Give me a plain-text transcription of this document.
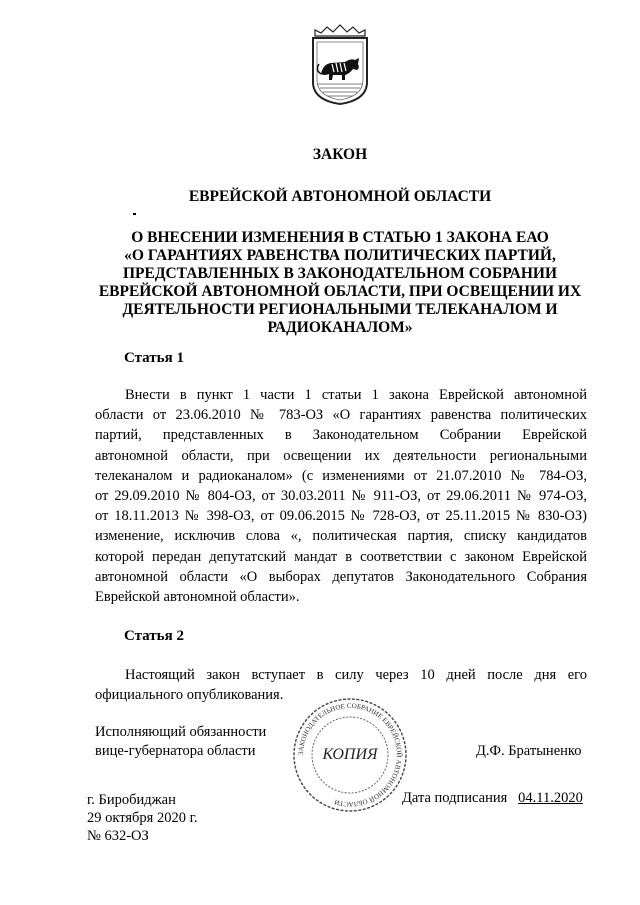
ЗАКОН
ЕВРЕЙСКОЙ АВТОНОМНОЙ ОБЛАСТИ
О ВНЕСЕНИИ ИЗМЕНЕНИЯ В СТАТЬЮ 1 ЗАКОНА ЕАО
«О ГАРАНТИЯХ РАВЕНСТВА ПОЛИТИЧЕСКИХ ПАРТИЙ,
ПРЕДСТАВЛЕННЫХ В ЗАКОНОДАТЕЛЬНОМ СОБРАНИИ
ЕВРЕЙСКОЙ АВТОНОМНОЙ ОБЛАСТИ, ПРИ ОСВЕЩЕНИИ ИХ
ДЕЯТЕЛЬНОСТИ РЕГИОНАЛЬНЫМИ ТЕЛЕКАНАЛОМ И
РАДИОКАНАЛОМ»
Статья 1
Внести в пункт 1 части 1 статьи 1 закона Еврейской автономной
области от 23.06.2010 № 783-ОЗ «О гарантиях равенства политических
партий, представленных в Законодательном Собрании Еврейской
автономной области, при освещении их деятельности региональными
телеканалом и радиоканалом» (с изменениями от 21.07.2010 № 784-ОЗ,
от 29.09.2010 № 804-ОЗ, от 30.03.2011 № 911-ОЗ, от 29.06.2011 № 974-ОЗ,
от 18.11.2013 № 398-ОЗ, от 09.06.2015 № 728-ОЗ, от 25.11.2015 № 830-ОЗ)
изменение, исключив слова «, политическая партия, списку кандидатов
которой передан депутатский мандат в соответствии с законом Еврейской
автономной области «О выборах депутатов Законодательного Собрания
Еврейской автономной области».
Статья 2
Настоящий закон вступает в силу через 10 дней после дня его
официального опубликования.
Исполняющий обязанности
вице-губернатора области	Д.Ф. Братыненко
ЗАКОНОДАТЕЛЬНОЕ СОБРАНИЕ ЕВРЕЙСКОЙ АВТОНОМНОЙ ОБЛАСТИ
КОПИЯ
г. Биробиджан
29 октября 2020 г.
№ 632-ОЗ
Дата подписания 04.11.2020
